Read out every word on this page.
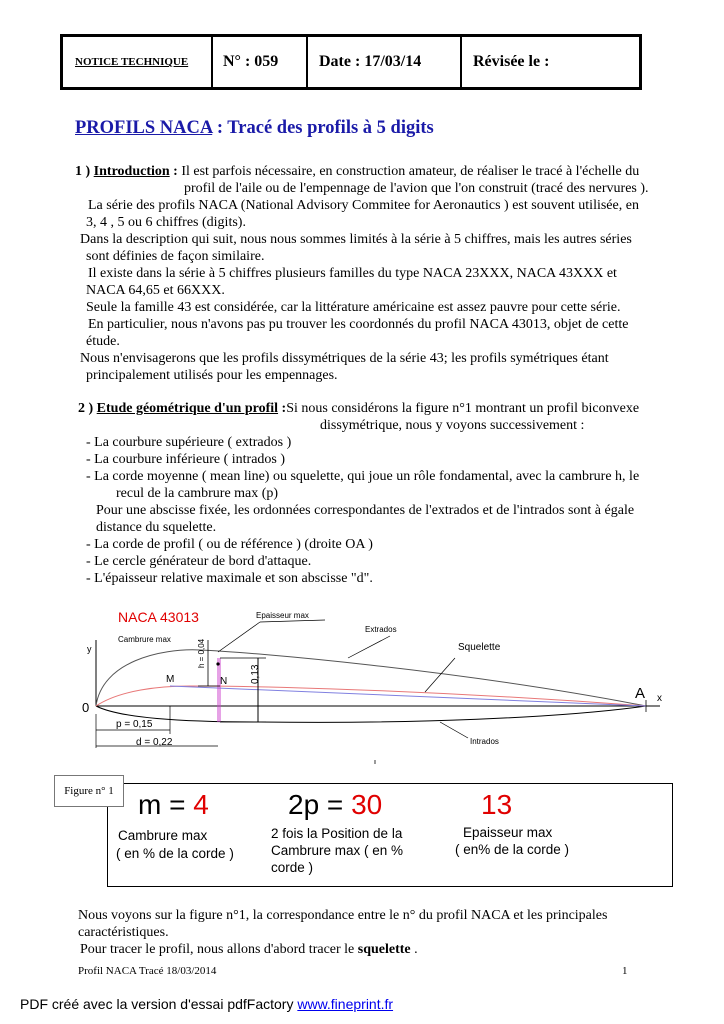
NOTICE TECHNIQUE	N° : 059	Date : 17/03/14	Révisée le :
PROFILS NACA : Tracé des profils à 5 digits
1 ) Introduction : Il est parfois nécessaire, en construction amateur, de réaliser le tracé à l'échelle du
profil de l'aile ou de l'empennage de l'avion que l'on construit (tracé des nervures ).
La série des profils NACA (National Advisory Commitee for Aeronautics ) est souvent utilisée, en
3, 4 , 5 ou 6 chiffres (digits).
Dans la description qui suit, nous nous sommes limités à la série à 5 chiffres, mais les autres séries
sont définies de façon similaire.
Il existe dans la série à 5 chiffres plusieurs familles du type NACA 23XXX, NACA 43XXX et
NACA 64,65 et 66XXX.
Seule la famille 43 est considérée, car la littérature américaine est assez pauvre pour cette série.
En particulier, nous n'avons pas pu trouver les coordonnés du profil NACA 43013, objet de cette
étude.
Nous n'envisagerons que les profils dissymétriques de la série 43; les profils symétriques étant
principalement utilisés pour les empennages.
2 ) Etude géométrique d'un profil :Si nous considérons la figure n°1 montrant un profil biconvexe
dissymétrique, nous y voyons successivement :
- La courbure supérieure ( extrados )
- La courbure inférieure ( intrados )
- La corde moyenne ( mean line) ou squelette, qui joue un rôle fondamental, avec la cambrure h, le
recul de la cambrure max (p)
Pour une abscisse fixée, les ordonnées correspondantes de l'extrados et de l'intrados sont à égale
distance du squelette.
- La corde de profil ( ou de référence ) (droite OA )
- Le cercle générateur de bord d'attaque.
- L'épaisseur relative maximale et son abscisse "d".
NACA 43013	Epaisseur max
Extrados
Cambrure max
Squelette
y	h = 0,04
0,13
M	N
A x
0
p = 0,15
d = 0,22	Intrados
Figure n° 1 m = 4
Cambrure max
( en % de la corde )
2p = 30
2 fois la Position de la
Cambrure max ( en %
corde )
13
Epaisseur max
( en% de la corde )
Nous voyons sur la figure n°1, la correspondance entre le n° du profil NACA et les principales
caractéristiques.
Pour tracer le profil, nous allons d'abord tracer le squelette .
Profil NACA Tracé 18/03/2014	1
PDF créé avec la version d'essai pdfFactory www.fineprint.fr
